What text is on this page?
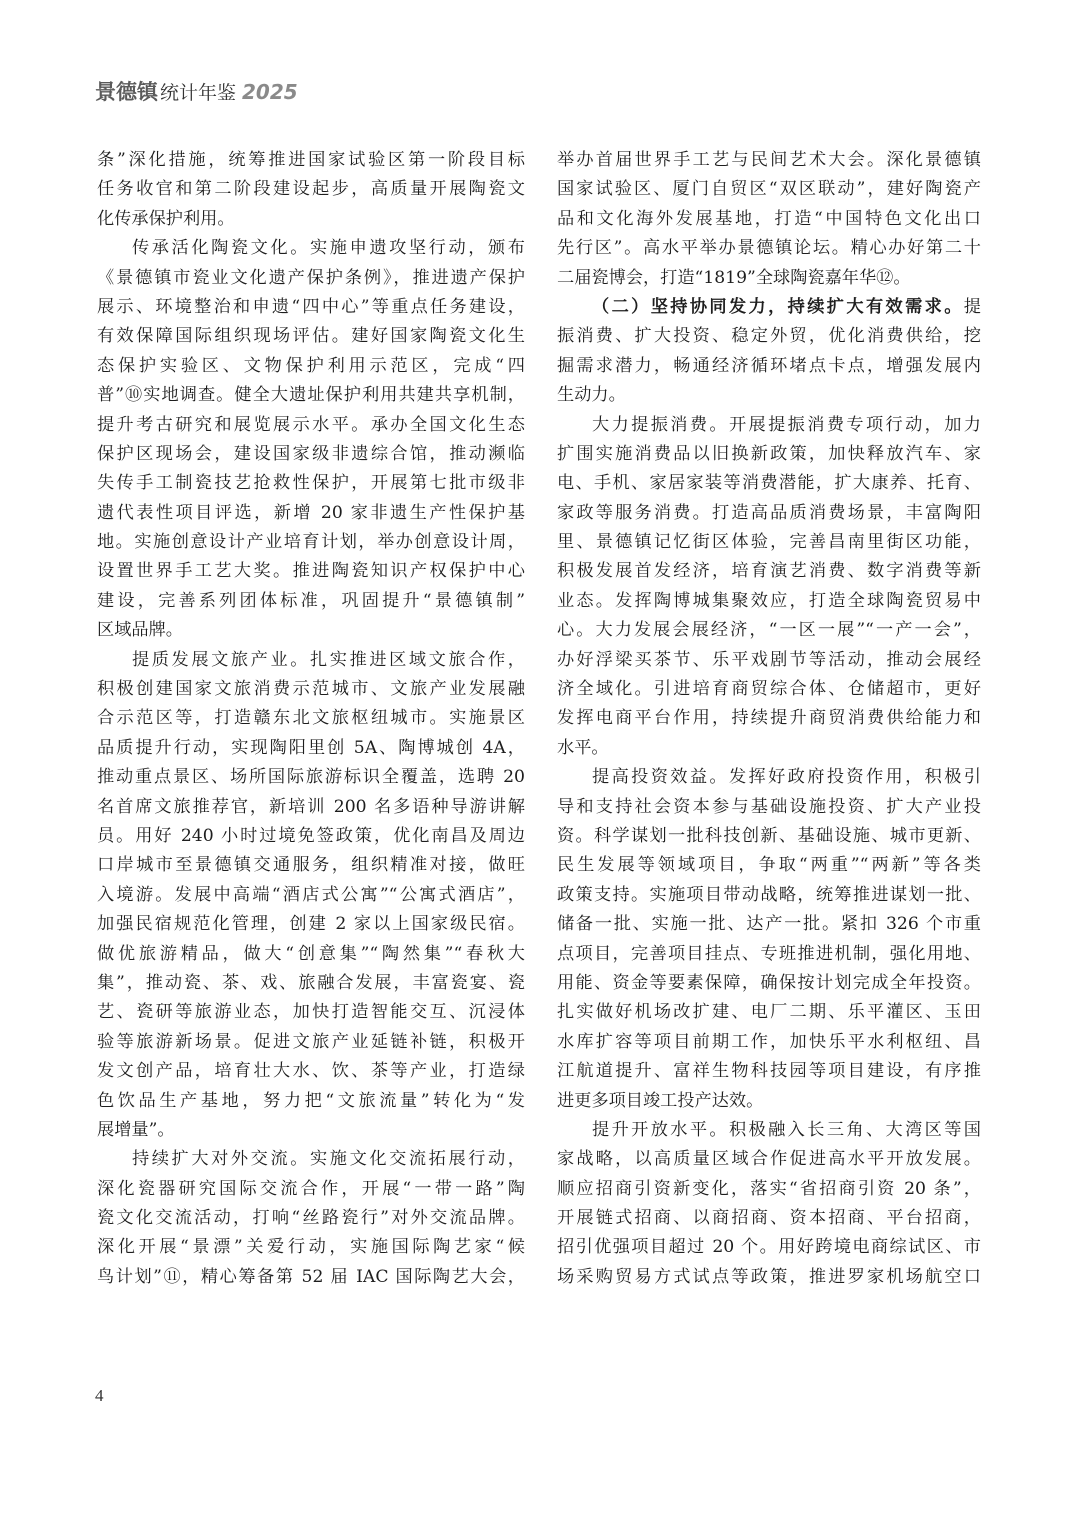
景德镇 统计年鉴 2025
条”深化措施，统筹推进国家试验区第一阶段目标
任务收官和第二阶段建设起步，高质量开展陶瓷文
化传承保护利用。
传承活化陶瓷文化。实施申遗攻坚行动，颁布
《景德镇市瓷业文化遗产保护条例》，推进遗产保护
展示、环境整治和申遗“四中心”等重点任务建设，
有效保障国际组织现场评估。建好国家陶瓷文化生
态保护实验区、文物保护利用示范区，完成“四
普”⑩实地调查。健全大遗址保护利用共建共享机制，
提升考古研究和展览展示水平。承办全国文化生态
保护区现场会，建设国家级非遗综合馆，推动濒临
失传手工制瓷技艺抢救性保护，开展第七批市级非
遗代表性项目评选，新增 20 家非遗生产性保护基
地。实施创意设计产业培育计划，举办创意设计周，
设置世界手工艺大奖。推进陶瓷知识产权保护中心
建设，完善系列团体标准，巩固提升“景德镇制”
区域品牌。
提质发展文旅产业。扎实推进区域文旅合作，
积极创建国家文旅消费示范城市、文旅产业发展融
合示范区等，打造赣东北文旅枢纽城市。实施景区
品质提升行动，实现陶阳里创 5A、陶博城创 4A，
推动重点景区、场所国际旅游标识全覆盖，选聘 20
名首席文旅推荐官，新培训 200 名多语种导游讲解
员。用好 240 小时过境免签政策，优化南昌及周边
口岸城市至景德镇交通服务，组织精准对接，做旺
入境游。发展中高端“酒店式公寓”“公寓式酒店”，
加强民宿规范化管理，创建 2 家以上国家级民宿。
做优旅游精品，做大“创意集”“陶然集”“春秋大
集”，推动瓷、茶、戏、旅融合发展，丰富瓷宴、瓷
艺、瓷研等旅游业态，加快打造智能交互、沉浸体
验等旅游新场景。促进文旅产业延链补链，积极开
发文创产品，培育壮大水、饮、茶等产业，打造绿
色饮品生产基地，努力把“文旅流量”转化为“发
展增量”。
持续扩大对外交流。实施文化交流拓展行动，
深化瓷器研究国际交流合作，开展“一带一路”陶
瓷文化交流活动，打响“丝路瓷行”对外交流品牌。
深化开展“景漂”关爱行动，实施国际陶艺家“候
鸟计划”⑪，精心筹备第 52 届 IAC 国际陶艺大会，
举办首届世界手工艺与民间艺术大会。深化景德镇
国家试验区、厦门自贸区“双区联动”，建好陶瓷产
品和文化海外发展基地，打造“中国特色文化出口
先行区”。高水平举办景德镇论坛。精心办好第二十
二届瓷博会，打造“1819”全球陶瓷嘉年华⑫。
（二）坚持协同发力，持续扩大有效需求。提
振消费、扩大投资、稳定外贸，优化消费供给，挖
掘需求潜力，畅通经济循环堵点卡点，增强发展内
生动力。
大力提振消费。开展提振消费专项行动，加力
扩围实施消费品以旧换新政策，加快释放汽车、家
电、手机、家居家装等消费潜能，扩大康养、托育、
家政等服务消费。打造高品质消费场景，丰富陶阳
里、景德镇记忆街区体验，完善昌南里街区功能，
积极发展首发经济，培育演艺消费、数字消费等新
业态。发挥陶博城集聚效应，打造全球陶瓷贸易中
心。大力发展会展经济，“一区一展”“一产一会”，
办好浮梁买茶节、乐平戏剧节等活动，推动会展经
济全域化。引进培育商贸综合体、仓储超市，更好
发挥电商平台作用，持续提升商贸消费供给能力和
水平。
提高投资效益。发挥好政府投资作用，积极引
导和支持社会资本参与基础设施投资、扩大产业投
资。科学谋划一批科技创新、基础设施、城市更新、
民生发展等领域项目，争取“两重”“两新”等各类
政策支持。实施项目带动战略，统筹推进谋划一批、
储备一批、实施一批、达产一批。紧扣 326 个市重
点项目，完善项目挂点、专班推进机制，强化用地、
用能、资金等要素保障，确保按计划完成全年投资。
扎实做好机场改扩建、电厂二期、乐平灌区、玉田
水库扩容等项目前期工作，加快乐平水利枢纽、昌
江航道提升、富祥生物科技园等项目建设，有序推
进更多项目竣工投产达效。
提升开放水平。积极融入长三角、大湾区等国
家战略，以高质量区域合作促进高水平开放发展。
顺应招商引资新变化，落实“省招商引资 20 条”，
开展链式招商、以商招商、资本招商、平台招商，
招引优强项目超过 20 个。用好跨境电商综试区、市
场采购贸易方式试点等政策，推进罗家机场航空口
4
